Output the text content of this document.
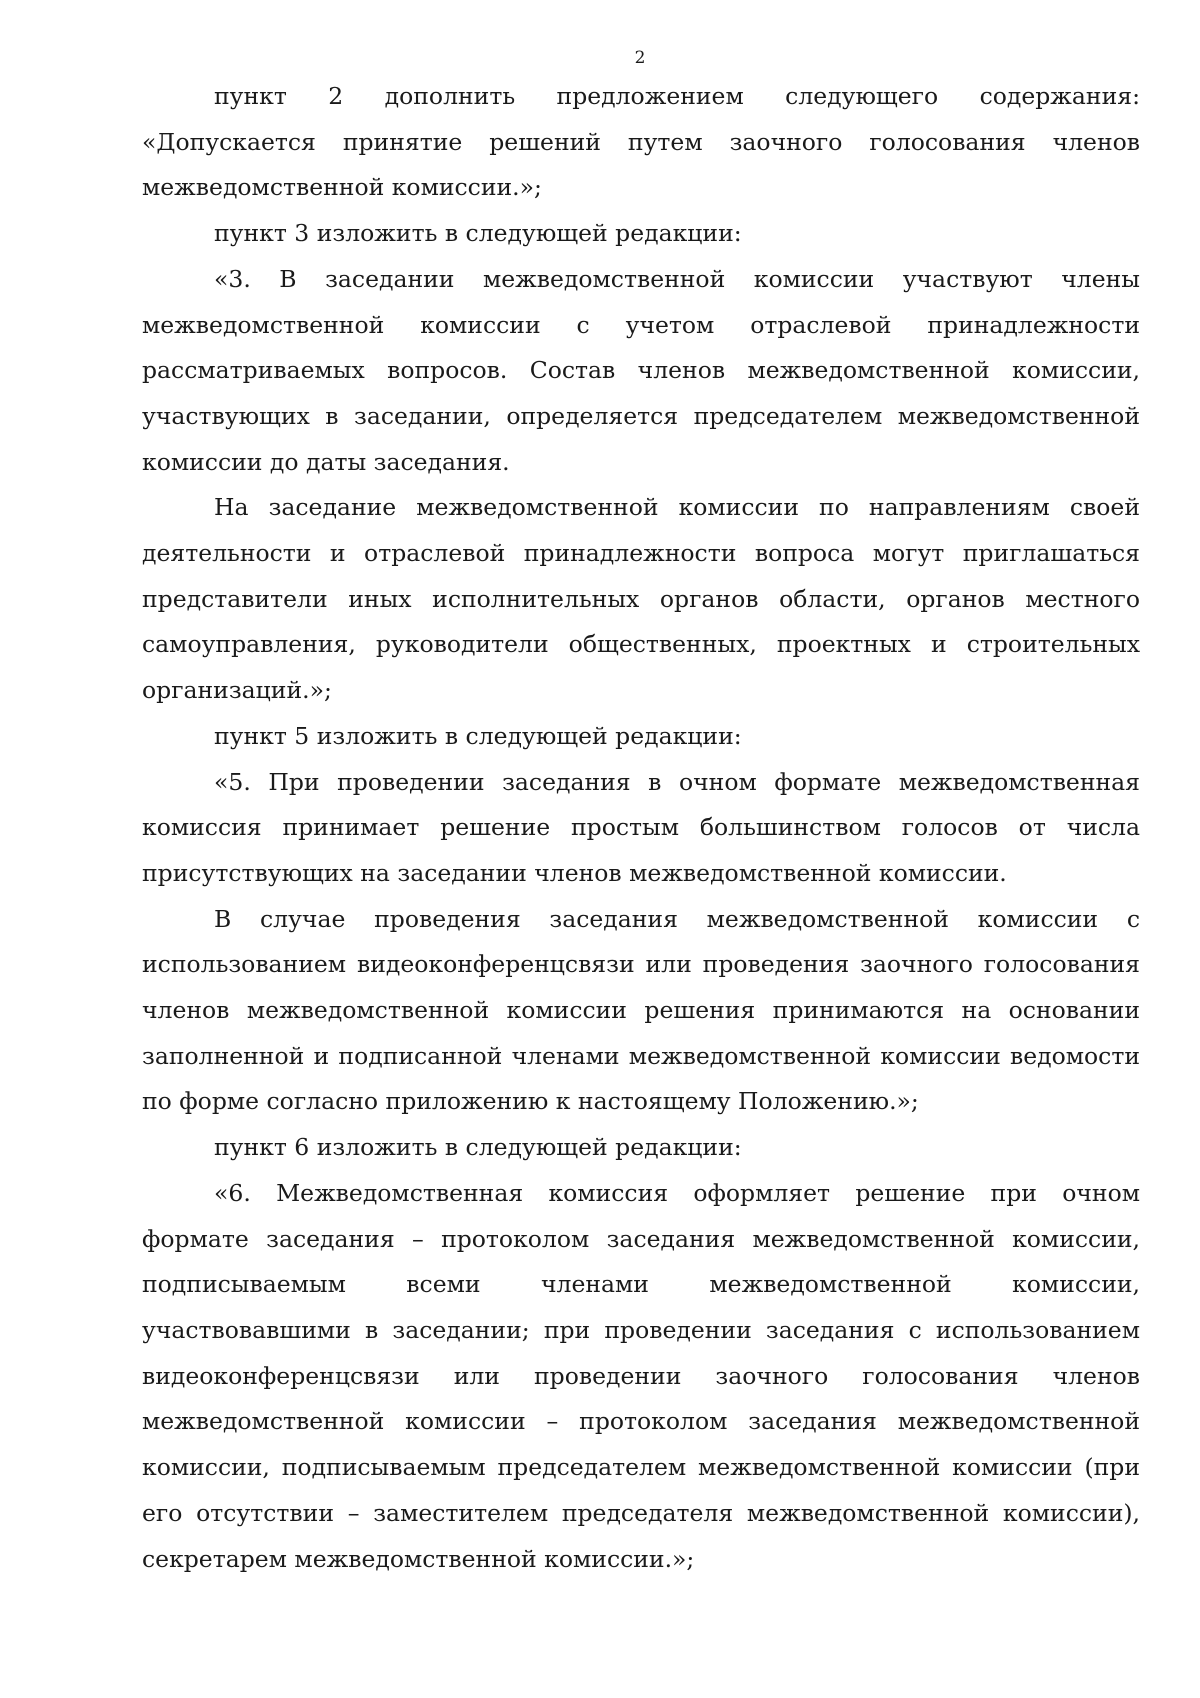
2

пункт 2 дополнить предложением следующего содержания: «Допускается принятие решений путем заочного голосования членов межведомственной комиссии.»;

пункт 3 изложить в следующей редакции:

«3. В заседании межведомственной комиссии участвуют члены межведомственной комиссии с учетом отраслевой принадлежности рассматриваемых вопросов. Состав членов межведомственной комиссии, участвующих в заседании, определяется председателем межведомственной комиссии до даты заседания.

На заседание межведомственной комиссии по направлениям своей деятельности и отраслевой принадлежности вопроса могут приглашаться представители иных исполнительных органов области, органов местного самоуправления, руководители общественных, проектных и строительных организаций.»;

пункт 5 изложить в следующей редакции:

«5. При проведении заседания в очном формате межведомственная комиссия принимает решение простым большинством голосов от числа присутствующих на заседании членов межведомственной комиссии.

В случае проведения заседания межведомственной комиссии с использованием видеоконференцсвязи или проведения заочного голосования членов межведомственной комиссии решения принимаются на основании заполненной и подписанной членами межведомственной комиссии ведомости по форме согласно приложению к настоящему Положению.»;

пункт 6 изложить в следующей редакции:

«6. Межведомственная комиссия оформляет решение при очном формате заседания – протоколом заседания межведомственной комиссии, подписываемым всеми членами межведомственной комиссии, участвовавшими в заседании; при проведении заседания с использованием видеоконференцсвязи или проведении заочного голосования членов межведомственной комиссии – протоколом заседания межведомственной комиссии, подписываемым председателем межведомственной комиссии (при его отсутствии – заместителем председателя межведомственной комиссии), секретарем межведомственной комиссии.»;
